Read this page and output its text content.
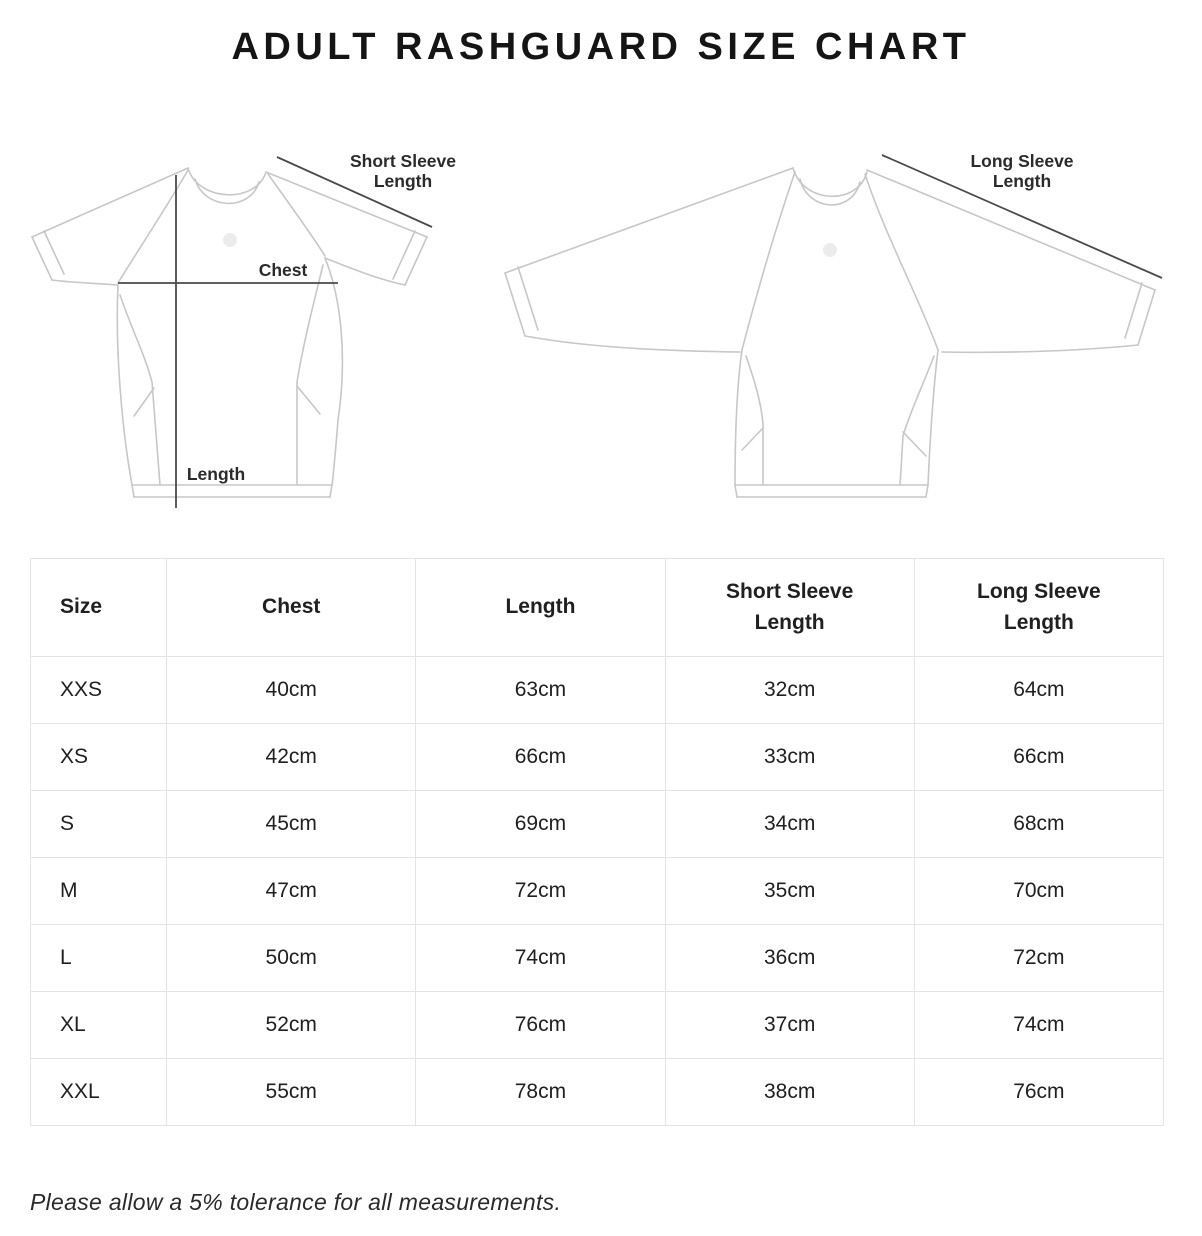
ADULT RASHGUARD SIZE CHART
Short Sleeve
Length
Chest
Length
Long Sleeve
Length
Size	Chest	Length	Short Sleeve Length	Long Sleeve Length
XXS	40cm	63cm	32cm	64cm
XS	42cm	66cm	33cm	66cm
S	45cm	69cm	34cm	68cm
M	47cm	72cm	35cm	70cm
L	50cm	74cm	36cm	72cm
XL	52cm	76cm	37cm	74cm
XXL	55cm	78cm	38cm	76cm
Please allow a 5% tolerance for all measurements.
